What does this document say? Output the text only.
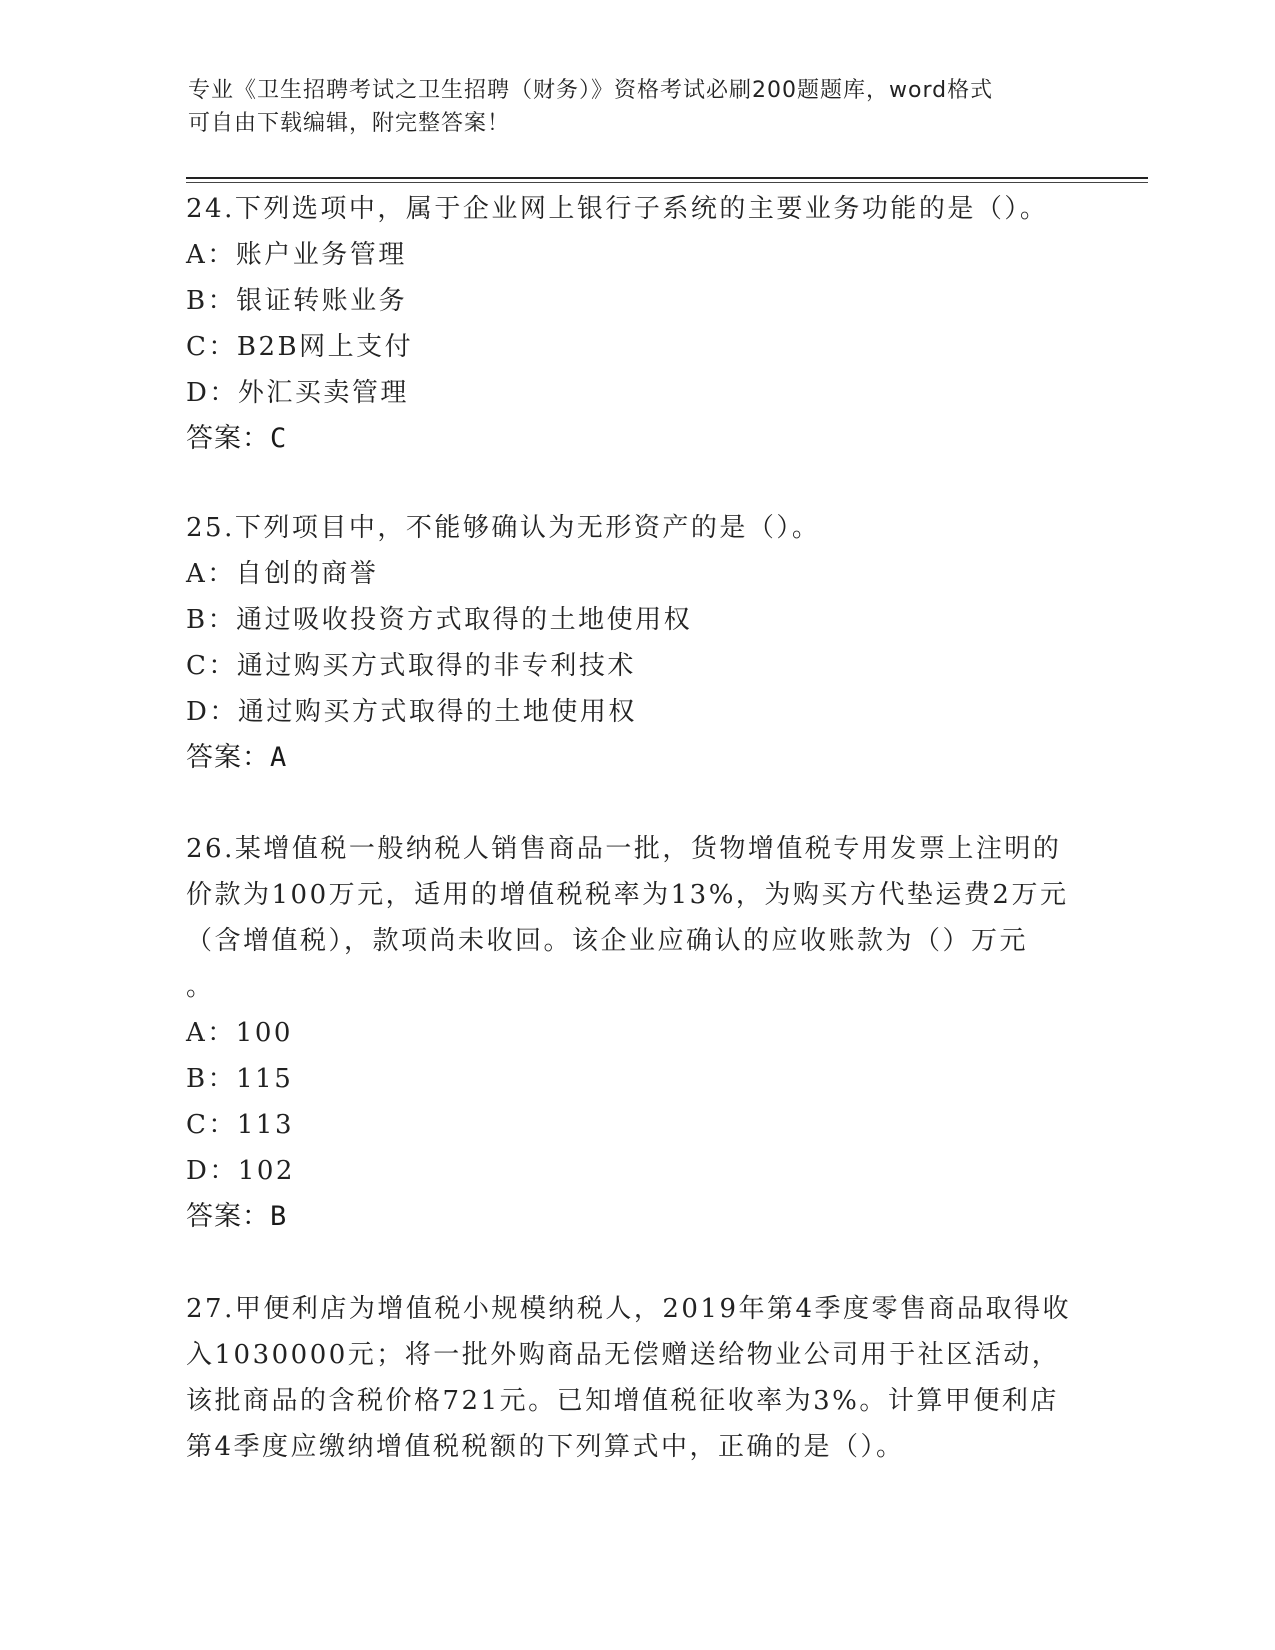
专业《卫生招聘考试之卫生招聘（财务）》资格考试必刷200题题库，word格式
可自由下载编辑，附完整答案！
24.下列选项中，属于企业网上银行子系统的主要业务功能的是（）。
A：账户业务管理
B：银证转账业务
C：B2B网上支付
D：外汇买卖管理
答案：C
25.下列项目中，不能够确认为无形资产的是（）。
A：自创的商誉
B：通过吸收投资方式取得的土地使用权
C：通过购买方式取得的非专利技术
D：通过购买方式取得的土地使用权
答案：A
26.某增值税一般纳税人销售商品一批，货物增值税专用发票上注明的
价款为100万元，适用的增值税税率为13%，为购买方代垫运费2万元
（含增值税），款项尚未收回。该企业应确认的应收账款为（）万元
。
A：100
B：115
C：113
D：102
答案：B
27.甲便利店为增值税小规模纳税人，2019年第4季度零售商品取得收
入1030000元；将一批外购商品无偿赠送给物业公司用于社区活动，
该批商品的含税价格721元。已知增值税征收率为3%。计算甲便利店
第4季度应缴纳增值税税额的下列算式中，正确的是（）。
